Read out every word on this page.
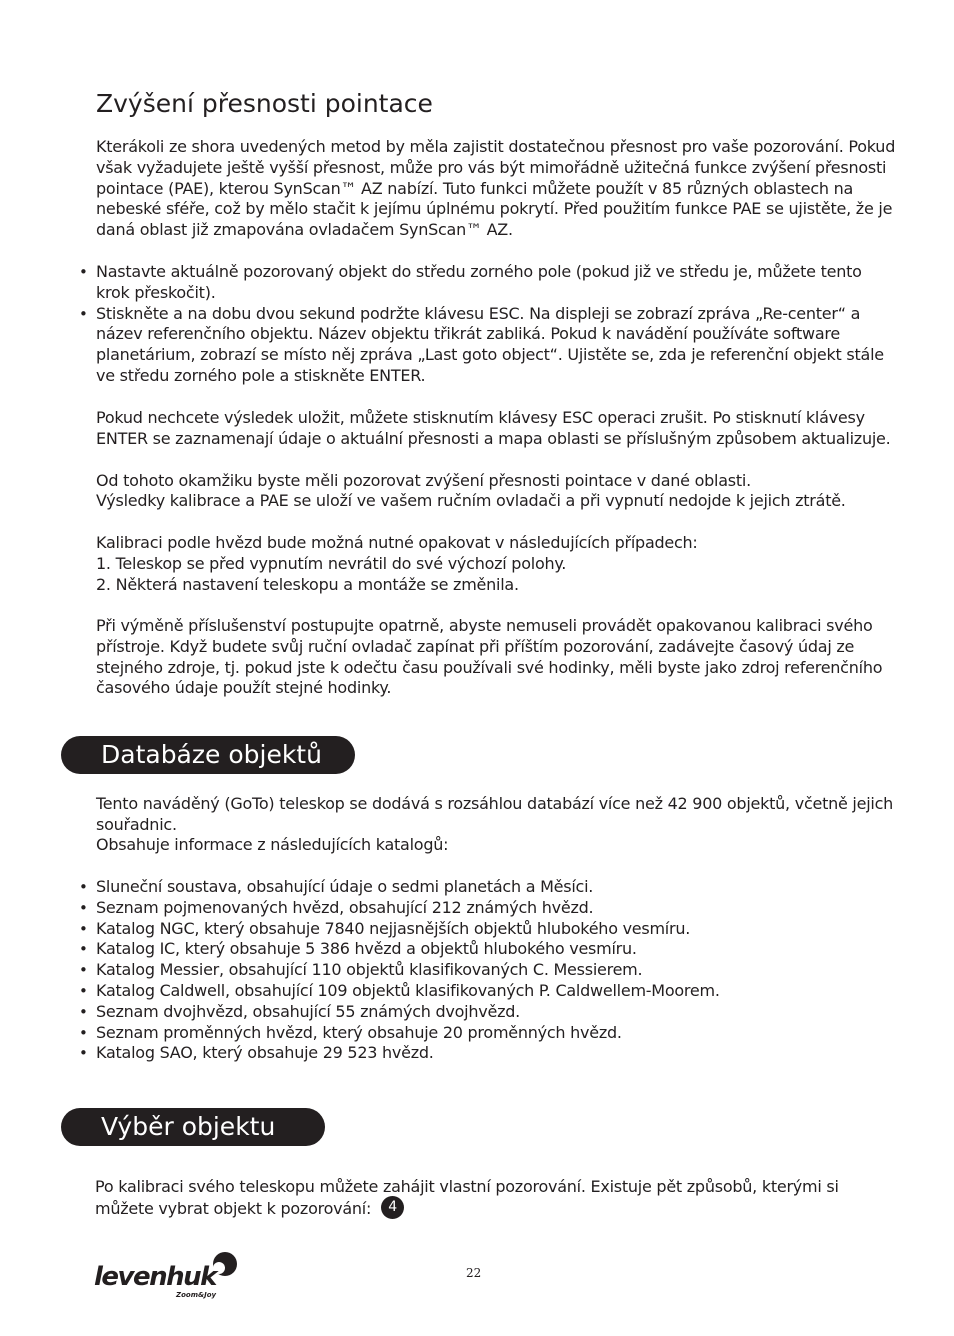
Zvýšení přesnosti pointace

Kterákoli ze shora uvedených metod by měla zajistit dostatečnou přesnost pro vaše pozorování. Pokud však vyžadujete ještě vyšší přesnost, může pro vás být mimořádně užitečná funkce zvýšení přesnosti pointace (PAE), kterou SynScan™ AZ nabízí. Tuto funkci můžete použít v 85 různých oblastech na nebeské sféře, což by mělo stačit k jejímu úplnému pokrytí. Před použitím funkce PAE se ujistěte, že je daná oblast již zmapována ovladačem SynScan™ AZ.

• Nastavte aktuálně pozorovaný objekt do středu zorného pole (pokud již ve středu je, můžete tento krok přeskočit).
• Stiskněte a na dobu dvou sekund podržte klávesu ESC. Na displeji se zobrazí zpráva „Re-center“ a název referenčního objektu. Název objektu třikrát zabliká. Pokud k navádění používáte software planetárium, zobrazí se místo něj zpráva „Last goto object“. Ujistěte se, zda je referenční objekt stále ve středu zorného pole a stiskněte ENTER.

Pokud nechcete výsledek uložit, můžete stisknutím klávesy ESC operaci zrušit. Po stisknutí klávesy ENTER se zaznamenají údaje o aktuální přesnosti a mapa oblasti se příslušným způsobem aktualizuje.

Od tohoto okamžiku byste měli pozorovat zvýšení přesnosti pointace v dané oblasti.

Výsledky kalibrace a PAE se uloží ve vašem ručním ovladači a při vypnutí nedojde k jejich ztrátě.

Kalibraci podle hvězd bude možná nutné opakovat v následujících případech:

1. Teleskop se před vypnutím nevrátil do své výchozí polohy.

2. Některá nastavení teleskopu a montáže se změnila.

Při výměně příslušenství postupujte opatrně, abyste nemuseli provádět opakovanou kalibraci svého přístroje. Když budete svůj ruční ovladač zapínat při příštím pozorování, zadávejte časový údaj ze stejného zdroje, tj. pokud jste k odečtu času používali své hodinky, měli byste jako zdroj referenčního časového údaje použít stejné hodinky.

Databáze objektů

Tento naváděný (GoTo) teleskop se dodává s rozsáhlou databází více než 42 900 objektů, včetně jejich souřadnic.

Obsahuje informace z následujících katalogů:

• Sluneční soustava, obsahující údaje o sedmi planetách a Měsíci.
• Seznam pojmenovaných hvězd, obsahující 212 známých hvězd.
• Katalog NGC, který obsahuje 7840 nejjasnějších objektů hlubokého vesmíru.
• Katalog IC, který obsahuje 5 386 hvězd a objektů hlubokého vesmíru.
• Katalog Messier, obsahující 110 objektů klasifikovaných C. Messierem.
• Katalog Caldwell, obsahující 109 objektů klasifikovaných P. Caldwellem-Moorem.
• Seznam dvojhvězd, obsahující 55 známých dvojhvězd.
• Seznam proměnných hvězd, který obsahuje 20 proměnných hvězd.
• Katalog SAO, který obsahuje 29 523 hvězd.
Výběr objektu

Po kalibraci svého teleskopu můžete zahájit vlastní pozorování. Existuje pět způsobů, kterými si můžete vybrat objekt k pozorování: 4

levenhuk
Zoom&Joy
22
